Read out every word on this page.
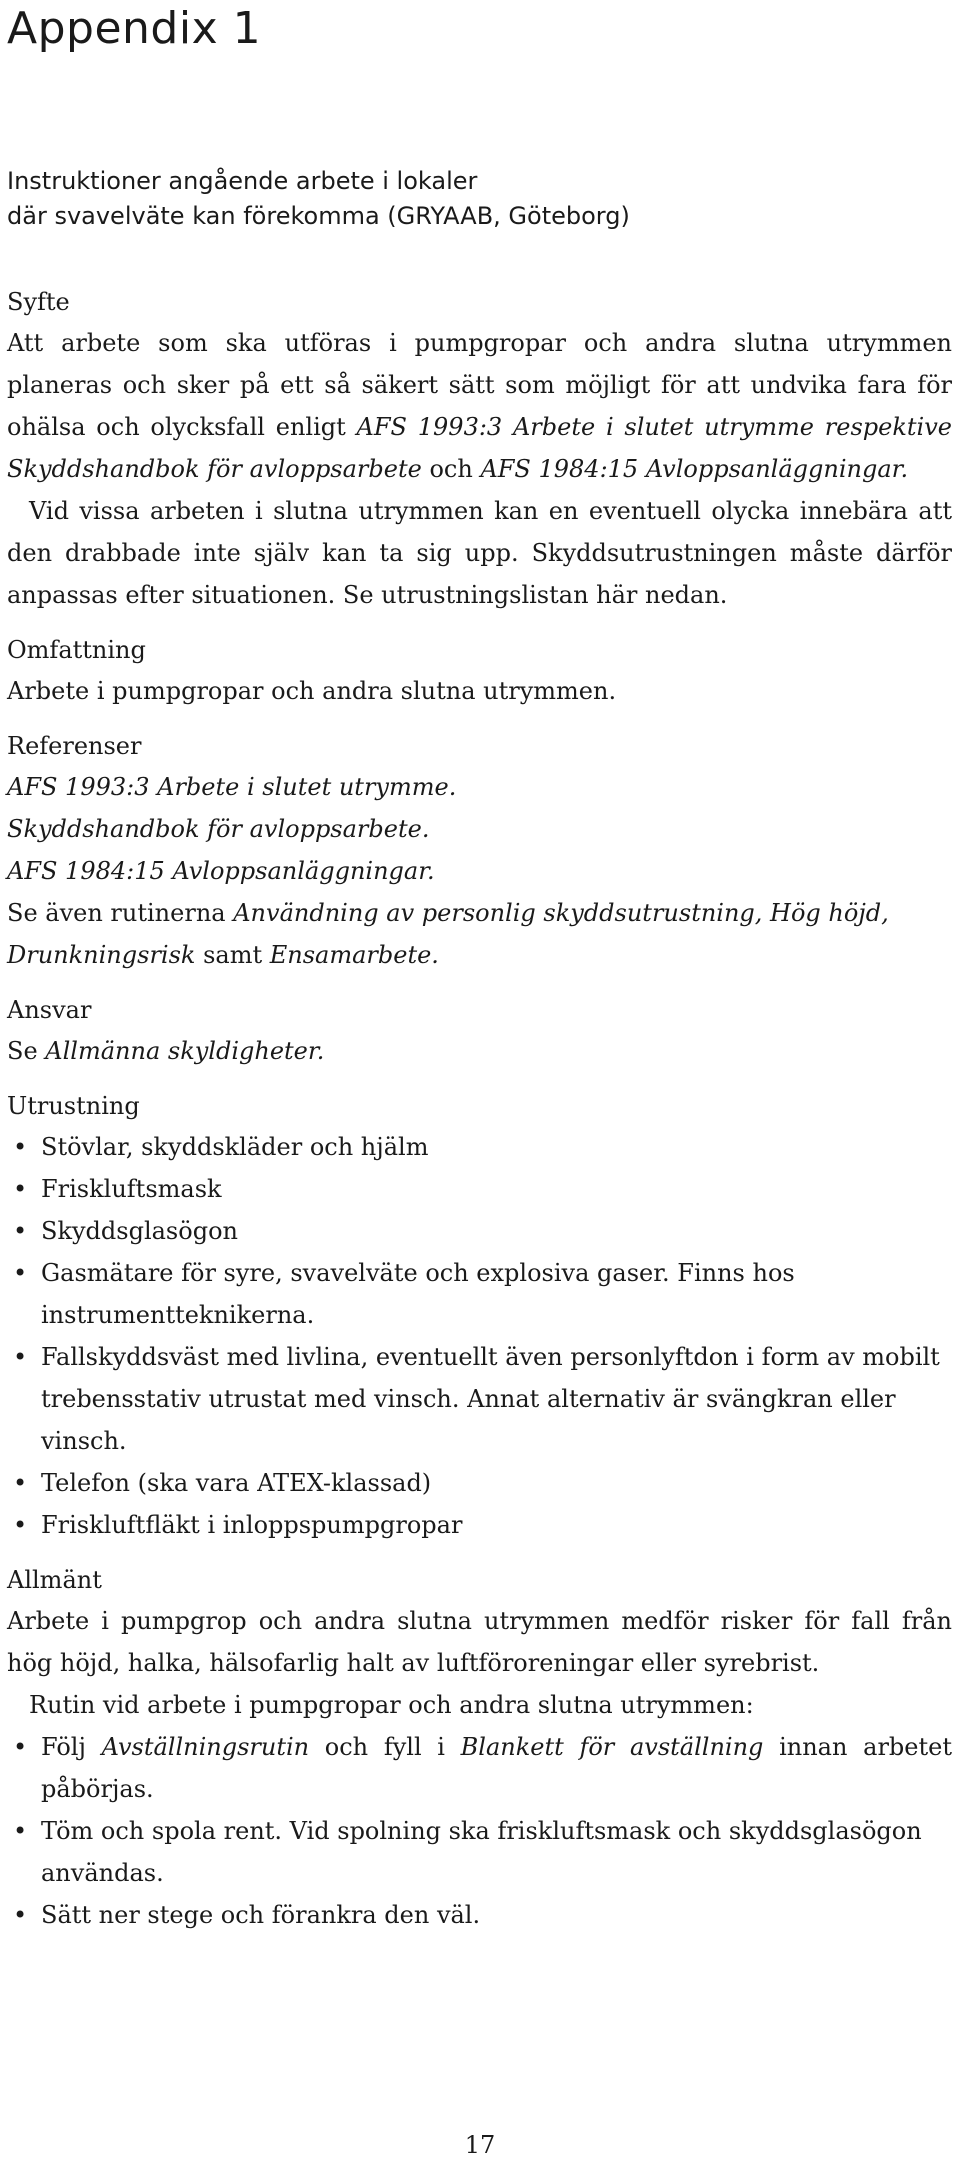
Appendix 1
Instruktioner angående arbete i lokaler
där svavelväte kan förekomma (GRYAAB, Göteborg)
Syfte

Att arbete som ska utföras i pumpgropar och andra slutna utrymmen planeras och sker på ett så säkert sätt som möjligt för att undvika fara för ohälsa och olycksfall enligt AFS 1993:3 Arbete i slutet utrymme respektive Skyddshandbok för avloppsarbete och AFS 1984:15 Avloppsanläggningar.

Vid vissa arbeten i slutna utrymmen kan en eventuell olycka innebära att den drabbade inte själv kan ta sig upp. Skyddsutrustningen måste därför anpassas efter situationen. Se utrustningslistan här nedan.

Omfattning

Arbete i pumpgropar och andra slutna utrymmen.

Referenser

AFS 1993:3 Arbete i slutet utrymme.

Skyddshandbok för avloppsarbete.

AFS 1984:15 Avloppsanläggningar.

Se även rutinerna Användning av personlig skyddsutrustning, Hög höjd, Drunkningsrisk samt Ensamarbete.

Ansvar

Se Allmänna skyldigheter.

Utrustning
• Stövlar, skyddskläder och hjälm
• Friskluftsmask
• Skyddsglasögon
• Gasmätare för syre, svavelväte och explosiva gaser. Finns hos instrumentteknikerna.
• Fallskyddsväst med livlina, eventuellt även personlyftdon i form av mobilt trebensstativ utrustat med vinsch. Annat alternativ är svängkran eller vinsch.
• Telefon (ska vara ATEX-klassad)
• Friskluftfläkt i inloppspumpgropar
Allmänt

Arbete i pumpgrop och andra slutna utrymmen medför risker för fall från hög höjd, halka, hälsofarlig halt av luftföroreningar eller syrebrist.

Rutin vid arbete i pumpgropar och andra slutna utrymmen:

• Följ Avställningsrutin och fyll i Blankett för avställning innan arbetet påbörjas.
• Töm och spola rent. Vid spolning ska friskluftsmask och skyddsglasögon användas.
• Sätt ner stege och förankra den väl.
17
